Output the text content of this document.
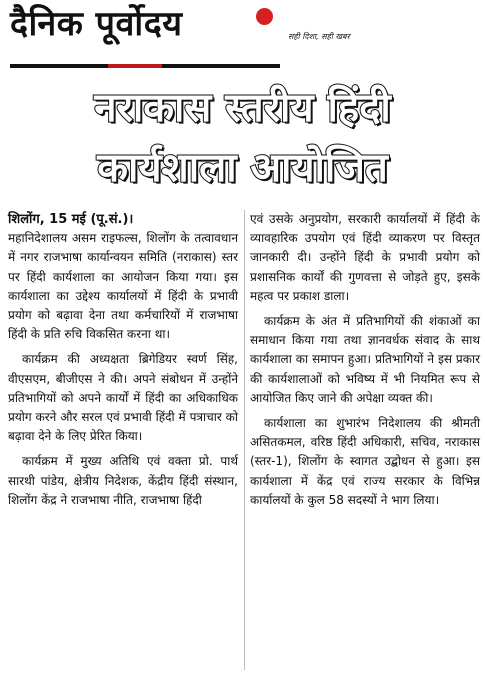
दैनिक पूर्वोदय	सही दिशा, सही खबर
नराकास स्तरीय हिंदी
कार्यशाला आयोजित

शिलोंग, 15 मई (पू.सं.)।
महानिदेशालय असम राइफल्स, शिलोंग के तत्वावधान में नगर राजभाषा कार्यान्वयन समिति (नराकास) स्तर पर हिंदी कार्यशाला का आयोजन किया गया। इस कार्यशाला का उद्देश्य कार्यालयों में हिंदी के प्रभावी प्रयोग को बढ़ावा देना तथा कर्मचारियों में राजभाषा हिंदी के प्रति रुचि विकसित करना था।

कार्यक्रम की अध्यक्षता ब्रिगेडियर स्वर्ण सिंह, वीएसएम, बीजीएस ने की। अपने संबोधन में उन्होंने प्रतिभागियों को अपने कार्यों में हिंदी का अधिकाधिक प्रयोग करने और सरल एवं प्रभावी हिंदी में पत्राचार को बढ़ावा देने के लिए प्रेरित किया।

कार्यक्रम में मुख्य अतिथि एवं वक्ता प्रो. पार्थ सारथी पांडेय, क्षेत्रीय निदेशक, केंद्रीय हिंदी संस्थान, शिलोंग केंद्र ने राजभाषा नीति, राजभाषा हिंदी

एवं उसके अनुप्रयोग, सरकारी कार्यालयों में हिंदी के व्यावहारिक उपयोग एवं हिंदी व्याकरण पर विस्तृत जानकारी दी। उन्होंने हिंदी के प्रभावी प्रयोग को प्रशासनिक कार्यों की गुणवत्ता से जोड़ते हुए, इसके महत्व पर प्रकाश डाला।

कार्यक्रम के अंत में प्रतिभागियों की शंकाओं का समाधान किया गया तथा ज्ञानवर्धक संवाद के साथ कार्यशाला का समापन हुआ। प्रतिभागियों ने इस प्रकार की कार्यशालाओं को भविष्य में भी नियमित रूप से आयोजित किए जाने की अपेक्षा व्यक्त की।

कार्यशाला का शुभारंभ निदेशालय की श्रीमती असितकमल, वरिष्ठ हिंदी अधिकारी, सचिव, नराकास (स्तर-1), शिलोंग के स्वागत उद्बोधन से हुआ। इस कार्यशाला में केंद्र एवं राज्य सरकार के विभिन्न कार्यालयों के कुल 58 सदस्यों ने भाग लिया।
